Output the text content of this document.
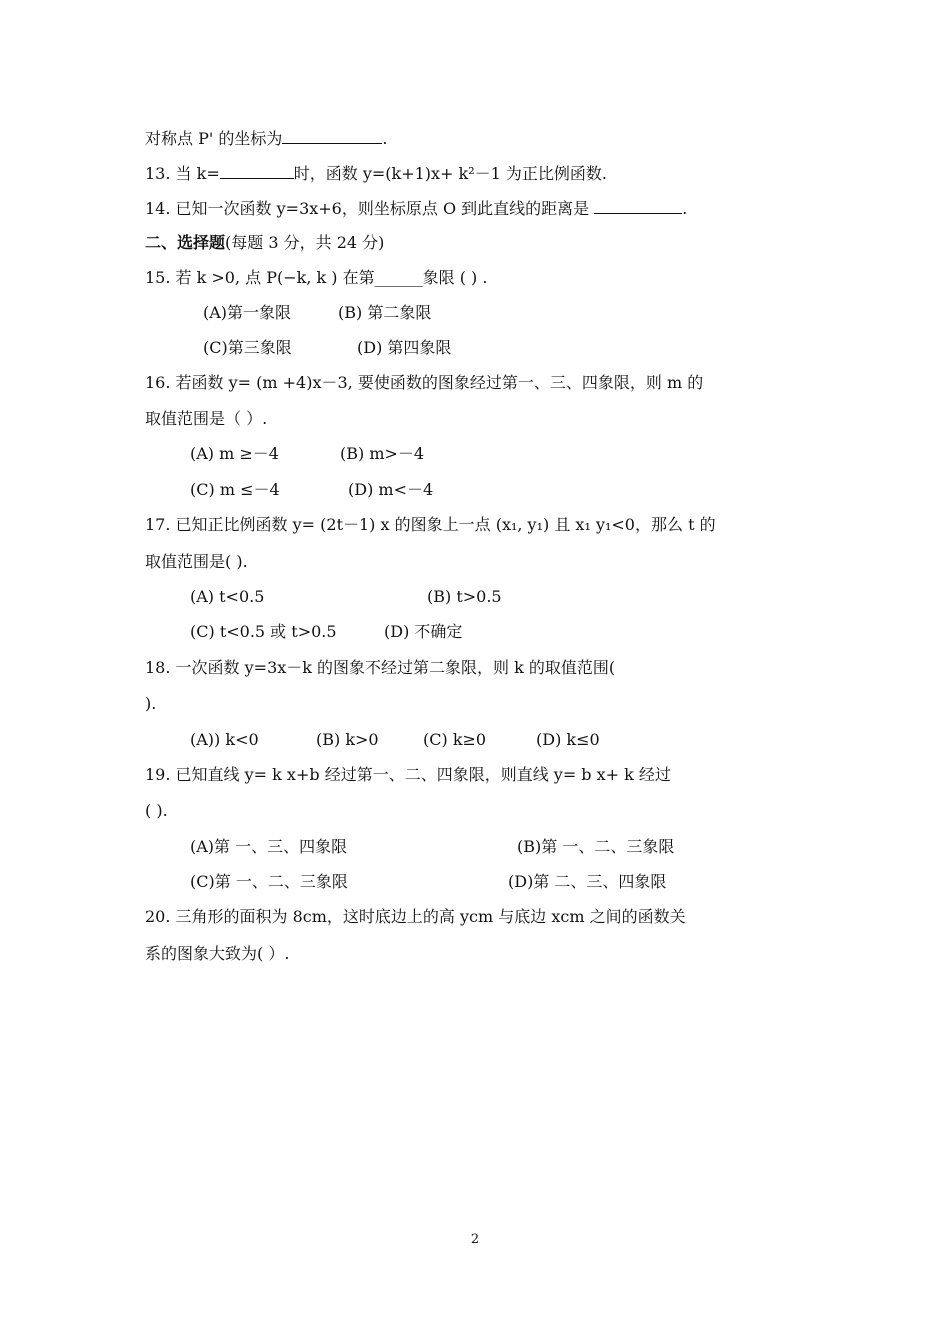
对称点 P' 的坐标为	.
13. 当 k=	时，函数 y=(k+1)x+ k²－1 为正比例函数.
14. 已知一次函数 y=3x+6，则坐标原点 O 到此直线的距离是	.
二、选择题(每题 3 分，共 24 分)
15. 若 k >0, 点 P(−k, k ) 在第______象限 ( ) .
(A)第一象限	(B) 第二象限
(C)第三象限	(D) 第四象限
16. 若函数 y= (m +4)x－3, 要使函数的图象经过第一、三、四象限，则 m 的
取值范围是（ ）.
(A) m ≥－4	(B) m>－4
(C) m ≤－4	(D) m<－4
17. 已知正比例函数 y= (2t－1) x 的图象上一点 (x₁, y₁) 且 x₁ y₁<0，那么 t 的
取值范围是( ).
(A) t<0.5	(B) t>0.5
(C) t<0.5 或 t>0.5	(D) 不确定
18. 一次函数 y=3x－k 的图象不经过第二象限，则 k 的取值范围(
).
(A)) k<0	(B) k>0	(C) k≥0	(D) k≤0
19. 已知直线 y= k x+b 经过第一、二、四象限，则直线 y= b x+ k 经过
( ).
(A)第 一、三、四象限	(B)第 一、二、三象限
(C)第 一、二、三象限	(D)第 二、三、四象限
20. 三角形的面积为 8cm，这时底边上的高 ycm 与底边 xcm 之间的函数关
系的图象大致为( ）.
2
